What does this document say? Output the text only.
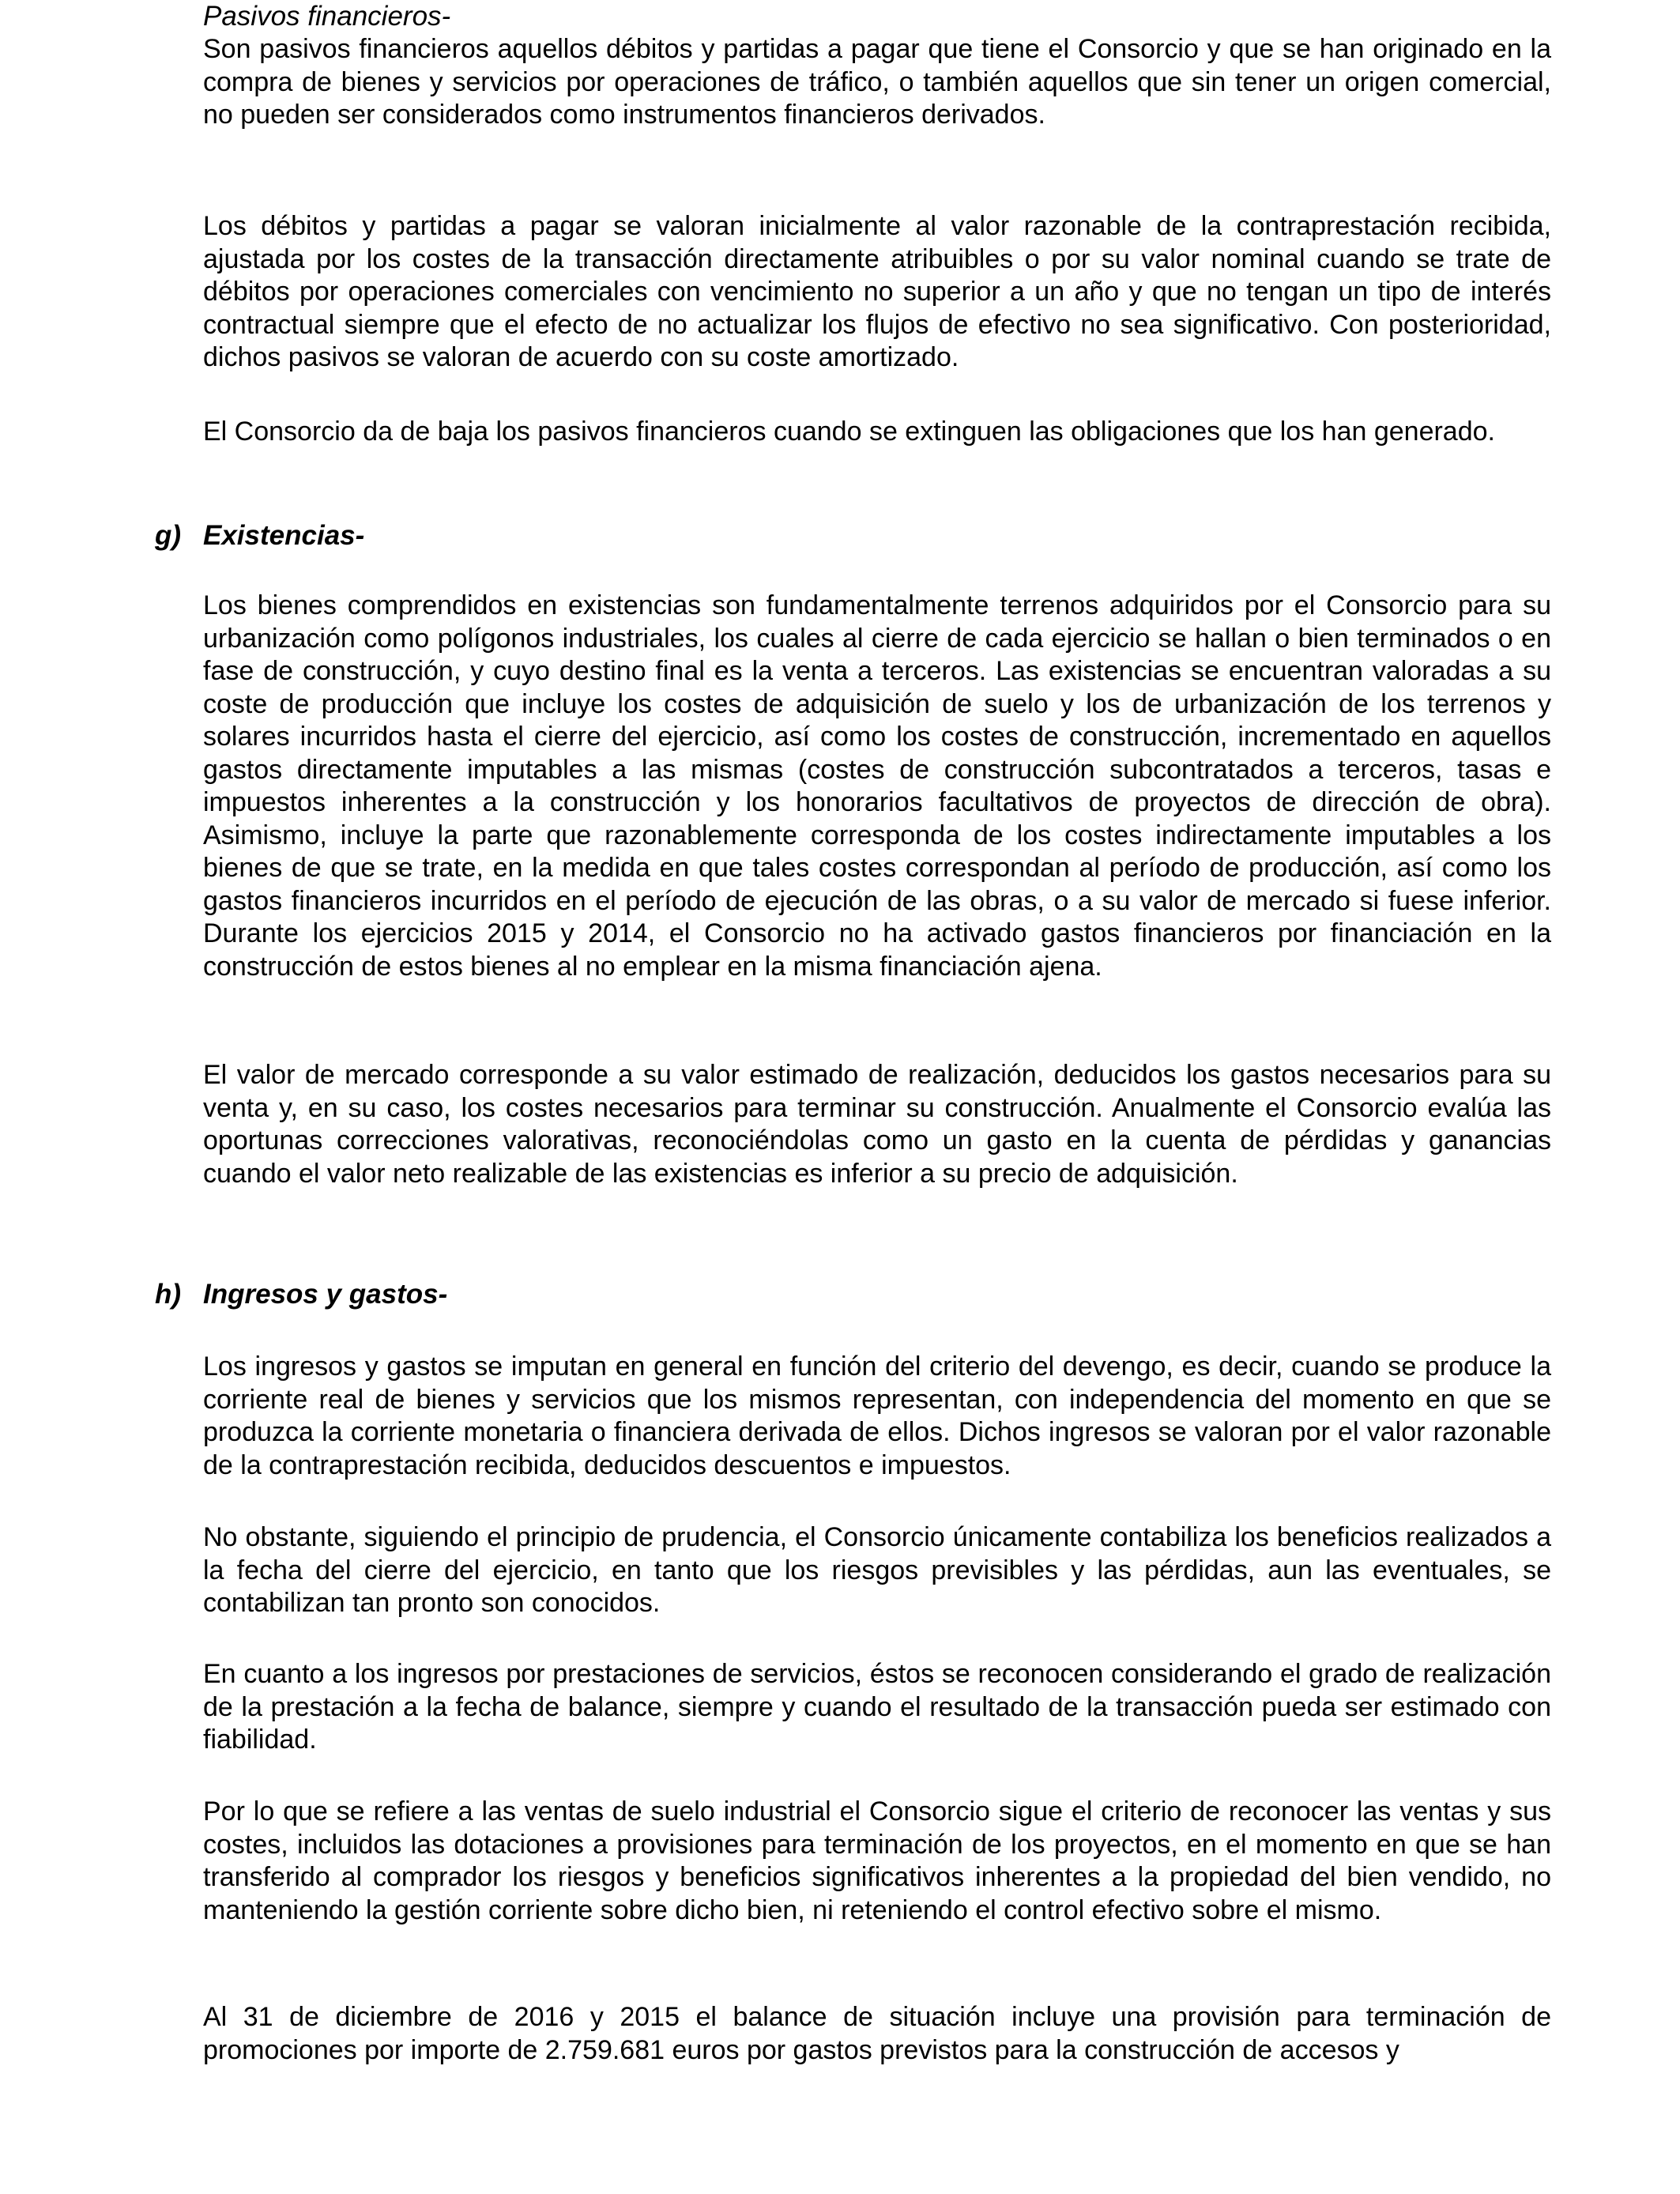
Pasivos financieros-

Son pasivos financieros aquellos débitos y partidas a pagar que tiene el Consorcio y que se han originado en la compra de bienes y servicios por operaciones de tráfico, o también aquellos que sin tener un origen comercial, no pueden ser considerados como instrumentos financieros derivados.

Los débitos y partidas a pagar se valoran inicialmente al valor razonable de la contraprestación recibida, ajustada por los costes de la transacción directamente atribuibles o por su valor nominal cuando se trate de débitos por operaciones comerciales con vencimiento no superior a un año y que no tengan un tipo de interés contractual siempre que el efecto de no actualizar los flujos de efectivo no sea significativo. Con posterioridad, dichos pasivos se valoran de acuerdo con su coste amortizado.

El Consorcio da de baja los pasivos financieros cuando se extinguen las obligaciones que los han generado.

g) Existencias-

Los bienes comprendidos en existencias son fundamentalmente terrenos adquiridos por el Consorcio para su urbanización como polígonos industriales, los cuales al cierre de cada ejercicio se hallan o bien terminados o en fase de construcción, y cuyo destino final es la venta a terceros. Las existencias se encuentran valoradas a su coste de producción que incluye los costes de adquisición de suelo y los de urbanización de los terrenos y solares incurridos hasta el cierre del ejercicio, así como los costes de construcción, incrementado en aquellos gastos directamente imputables a las mismas (costes de construcción subcontratados a terceros, tasas e impuestos inherentes a la construcción y los honorarios facultativos de proyectos de dirección de obra). Asimismo, incluye la parte que razonablemente corresponda de los costes indirectamente imputables a los bienes de que se trate, en la medida en que tales costes correspondan al período de producción, así como los gastos financieros incurridos en el período de ejecución de las obras, o a su valor de mercado si fuese inferior. Durante los ejercicios 2015 y 2014, el Consorcio no ha activado gastos financieros por financiación en la construcción de estos bienes al no emplear en la misma financiación ajena.

El valor de mercado corresponde a su valor estimado de realización, deducidos los gastos necesarios para su venta y, en su caso, los costes necesarios para terminar su construcción. Anualmente el Consorcio evalúa las oportunas correcciones valorativas, reconociéndolas como un gasto en la cuenta de pérdidas y ganancias cuando el valor neto realizable de las existencias es inferior a su precio de adquisición.

h) Ingresos y gastos-

Los ingresos y gastos se imputan en general en función del criterio del devengo, es decir, cuando se produce la corriente real de bienes y servicios que los mismos representan, con independencia del momento en que se produzca la corriente monetaria o financiera derivada de ellos. Dichos ingresos se valoran por el valor razonable de la contraprestación recibida, deducidos descuentos e impuestos.

No obstante, siguiendo el principio de prudencia, el Consorcio únicamente contabiliza los beneficios realizados a la fecha del cierre del ejercicio, en tanto que los riesgos previsibles y las pérdidas, aun las eventuales, se contabilizan tan pronto son conocidos.

En cuanto a los ingresos por prestaciones de servicios, éstos se reconocen considerando el grado de realización de la prestación a la fecha de balance, siempre y cuando el resultado de la transacción pueda ser estimado con fiabilidad.

Por lo que se refiere a las ventas de suelo industrial el Consorcio sigue el criterio de reconocer las ventas y sus costes, incluidos las dotaciones a provisiones para terminación de los proyectos, en el momento en que se han transferido al comprador los riesgos y beneficios significativos inherentes a la propiedad del bien vendido, no manteniendo la gestión corriente sobre dicho bien, ni reteniendo el control efectivo sobre el mismo.

Al 31 de diciembre de 2016 y 2015 el balance de situación incluye una provisión para terminación de promociones por importe de 2.759.681 euros por gastos previstos para la construcción de accesos y
